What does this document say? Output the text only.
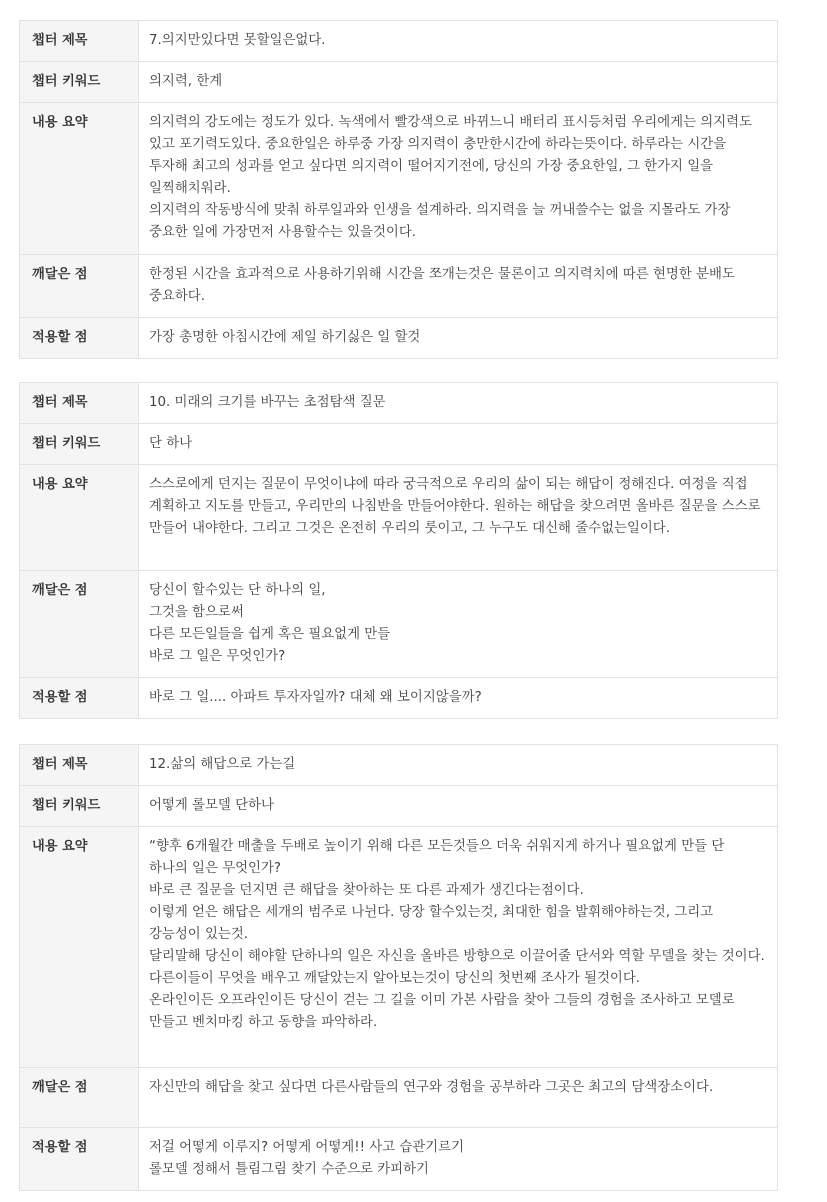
챕터 제목	7.의지만있다면 못할일은없다.
챕터 키워드	의지력, 한계
내용 요약	의지력의 강도에는 정도가 있다. 녹색에서 빨강색으로 바뀌느니 배터리 표시등처럼 우리에게는 의지력도 있고 포기력도있다. 중요한일은 하루중 가장 의지력이 충만한시간에 하라는뜻이다. 하루라는 시간을 투자해 최고의 성과를 얻고 싶다면 의지력이 떨어지기전에, 당신의 가장 중요한일, 그 한가지 일을 일찍해치워라.
의지력의 작동방식에 맞춰 하루일과와 인생을 설계하라. 의지력을 늘 꺼내쓸수는 없을 지몰라도 가장 중요한 일에 가장먼저 사용할수는 있을것이다.
깨달은 점	한정된 시간을 효과적으로 사용하기위해 시간을 쪼개는것은 물론이고 의지력치에 따른 현명한 분배도 중요하다.
적용할 점	가장 총명한 아침시간에 제일 하기싫은 일 할것
챕터 제목	10. 미래의 크기를 바꾸는 초점탐색 질문
챕터 키워드	단 하나
내용 요약	스스로에게 던지는 질문이 무엇이냐에 따라 궁극적으로 우리의 삶이 되는 해답이 정해진다. 여정을 직접 계획하고 지도를 만들고, 우리만의 나침반을 만들어야한다. 원하는 해답을 찾으려면 올바른 질문을 스스로 만들어 내야한다. 그리고 그것은 온전히 우리의 룻이고, 그 누구도 대신해 줄수없는일이다.
깨달은 점	당신이 할수있는 단 하나의 일,
그것을 함으로써
다른 모든일들을 쉽게 혹은 필요없게 만들
바로 그 일은 무엇인가?
적용할 점	바로 그 일.... 아파트 투자자일까? 대체 왜 보이지않을까?
챕터 제목	12.삶의 해답으로 가는길
챕터 키워드	어떻게 롤모델 단하나
내용 요약	“향후 6개월간 매출을 두배로 높이기 위해 다른 모든것들으 더욱 쉬워지게 하거나 필요없게 만들 단 하나의 일은 무엇인가?
바로 큰 질문을 던지면 큰 해답을 찾아하는 또 다른 과제가 생긴다는점이다.
이렇게 얻은 해답은 세개의 범주로 나뉜다. 당장 할수있는것, 최대한 힘을 발휘해야하는것, 그리고 강능성이 있는것.
달리말해 당신이 해야할 단하나의 일은 자신을 올바른 방향으로 이끌어줄 단서와 역할 무델을 찾는 것이다. 다른이들이 무엇을 배우고 깨달았는지 알아보는것이 당신의 첫번째 조사가 될것이다.
온라인이든 오프라인이든 당신이 걷는 그 길을 이미 가본 사람을 찾아 그들의 경험을 조사하고 모델로 만들고 벤치마킹 하고 동향을 파악하라.
깨달은 점	자신만의 해답을 찾고 싶다면 다른사람들의 연구와 경험을 공부하라 그곳은 최고의 담색장소이다.
적용할 점	저걸 어떻게 이루지? 어떻게 어떻게!! 사고 습관기르기
롤모델 정해서 틀림그림 찾기 수준으로 카피하기
